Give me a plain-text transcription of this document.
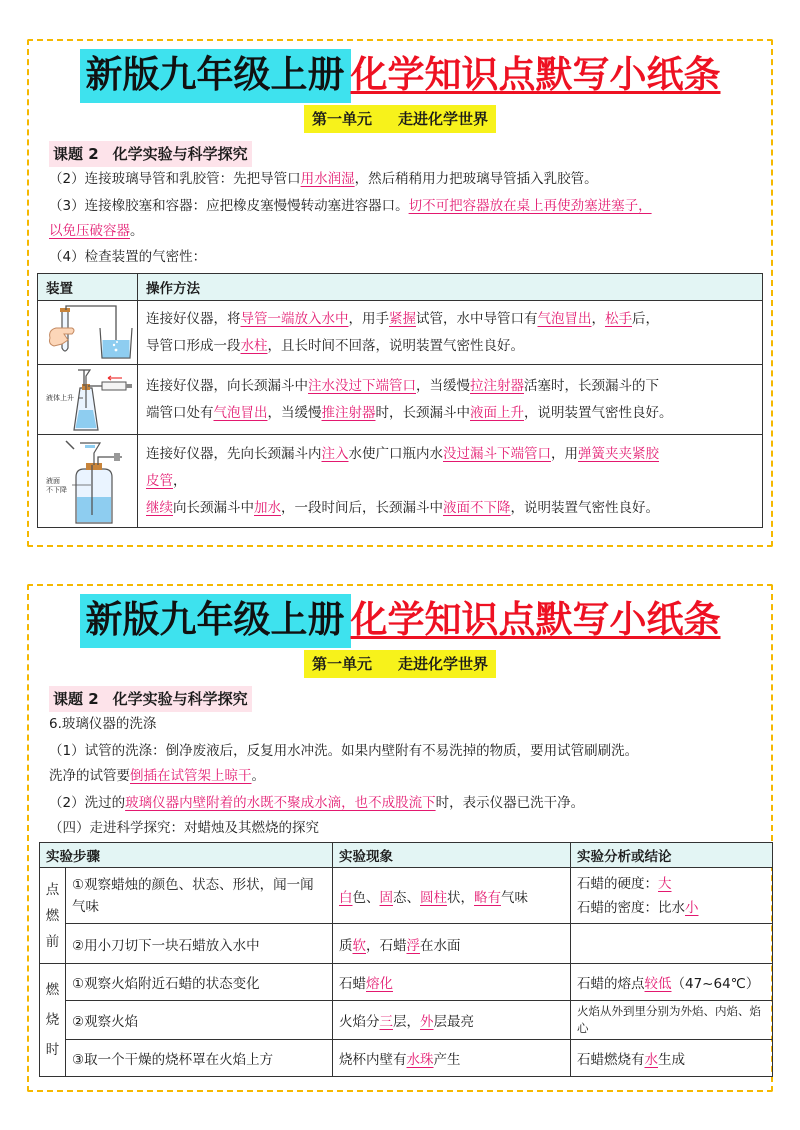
新版九年级上册 化学知识点默写小纸条
第一单元 走进化学世界
课题 2 化学实验与科学探究
（2）连接玻璃导管和乳胶管：先把导管口用水润湿，然后稍稍用力把玻璃导管插入乳胶管。
（3）连接橡胶塞和容器：应把橡皮塞慢慢转动塞进容器口。切不可把容器放在桌上再使劲塞进塞子，
以免压破容器。
（4）检查装置的气密性：
装置	操作方法

	连接好仪器，将导管一端放入水中，用手紧握试管，水中导管口有气泡冒出，松手后，
导管口形成一段水柱，且长时间不回落，说明装置气密性良好。

液体上升	连接好仪器，向长颈漏斗中注水没过下端管口，当缓慢拉注射器活塞时，长颈漏斗的下
端管口处有气泡冒出，当缓慢推注射器时，长颈漏斗中液面上升，说明装置气密性良好。

液面
不下降	连接好仪器，先向长颈漏斗内注入水使广口瓶内水没过漏斗下端管口，用弹簧夹夹紧胶
皮管，
继续向长颈漏斗中加水，一段时间后，长颈漏斗中液面不下降，说明装置气密性良好。
新版九年级上册 化学知识点默写小纸条
第一单元 走进化学世界
课题 2 化学实验与科学探究
6.玻璃仪器的洗涤
（1）试管的洗涤：倒净废液后，反复用水冲洗。如果内壁附有不易洗掉的物质，要用试管刷刷洗。
洗净的试管要倒插在试管架上晾干。
（2）洗过的玻璃仪器内壁附着的水既不聚成水滴，也不成股流下时，表示仪器已洗干净。
（四）走进科学探究：对蜡烛及其燃烧的探究
实验步骤		实验现象	实验分析或结论

点燃前	①观察蜡烛的颜色、状态、形状，闻一闻气味	白色、固态、圆柱状，略有气味	石蜡的硬度：大
石蜡的密度：比水小
	②用小刀切下一块石蜡放入水中	质软，石蜡浮在水面	

燃烧时	①观察火焰附近石蜡的状态变化	石蜡熔化	石蜡的熔点较低（47~64℃）
	②观察火焰	火焰分三层，外层最亮	火焰从外到里分别为外焰、内焰、焰心
	③取一个干燥的烧杯罩在火焰上方	烧杯内壁有水珠产生	石蜡燃烧有水生成
